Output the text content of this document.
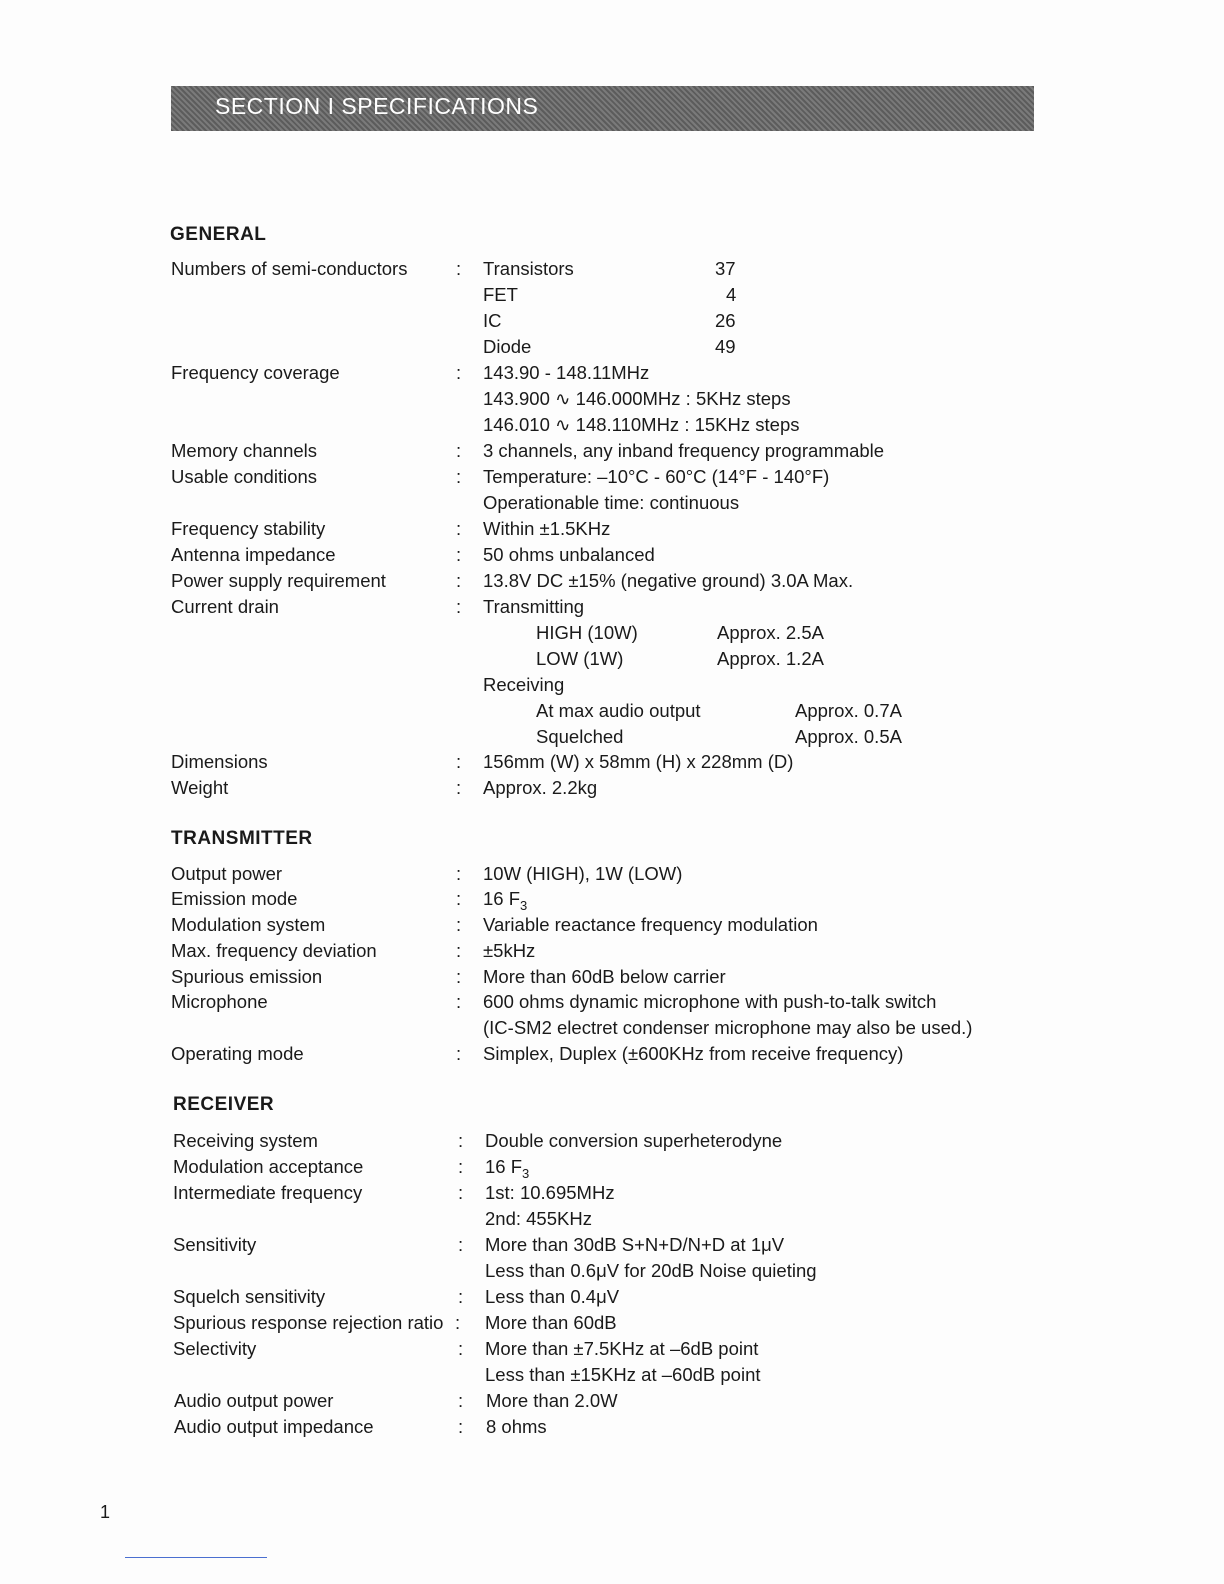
SECTION I SPECIFICATIONS
GENERAL
Numbers of semi-conductors	: Transistors	37
FET	4
IC	26
Diode	49
Frequency coverage	: 143.90 - 148.11MHz
143.900 ∿ 146.000MHz : 5KHz steps
146.010 ∿ 148.110MHz : 15KHz steps
Memory channels	: 3 channels, any inband frequency programmable
Usable conditions	: Temperature: –10°C - 60°C (14°F - 140°F)
Operationable time: continuous
Frequency stability	: Within ±1.5KHz
Antenna impedance	: 50 ohms unbalanced
Power supply requirement	: 13.8V DC ±15% (negative ground) 3.0A Max.
Current drain	: Transmitting
HIGH (10W)	Approx. 2.5A
LOW (1W)	Approx. 1.2A
Receiving
At max audio output	Approx. 0.7A
Squelched	Approx. 0.5A
Dimensions	: 156mm (W) x 58mm (H) x 228mm (D)
Weight	: Approx. 2.2kg
TRANSMITTER
Output power	: 10W (HIGH), 1W (LOW)
Emission mode	: 16 $F_3$
Modulation system	: Variable reactance frequency modulation
Max. frequency deviation	: ±5kHz
Spurious emission	: More than 60dB below carrier
Microphone	: 600 ohms dynamic microphone with push-to-talk switch
(IC-SM2 electret condenser microphone may also be used.)
Operating mode	: Simplex, Duplex (±600KHz from receive frequency)
RECEIVER
Receiving system	: Double conversion superheterodyne
Modulation acceptance	: 16 $F_3$
Intermediate frequency	: 1st: 10.695MHz
2nd: 455KHz
Sensitivity	: More than 30dB S+N+D/N+D at 1μV
Less than 0.6μV for 20dB Noise quieting
Squelch sensitivity	: Less than 0.4μV
Spurious response rejection ratio : More than 60dB
Selectivity	: More than ±7.5KHz at –6dB point
Less than ±15KHz at –60dB point
Audio output power	: More than 2.0W
Audio output impedance	: 8 ohms
1
